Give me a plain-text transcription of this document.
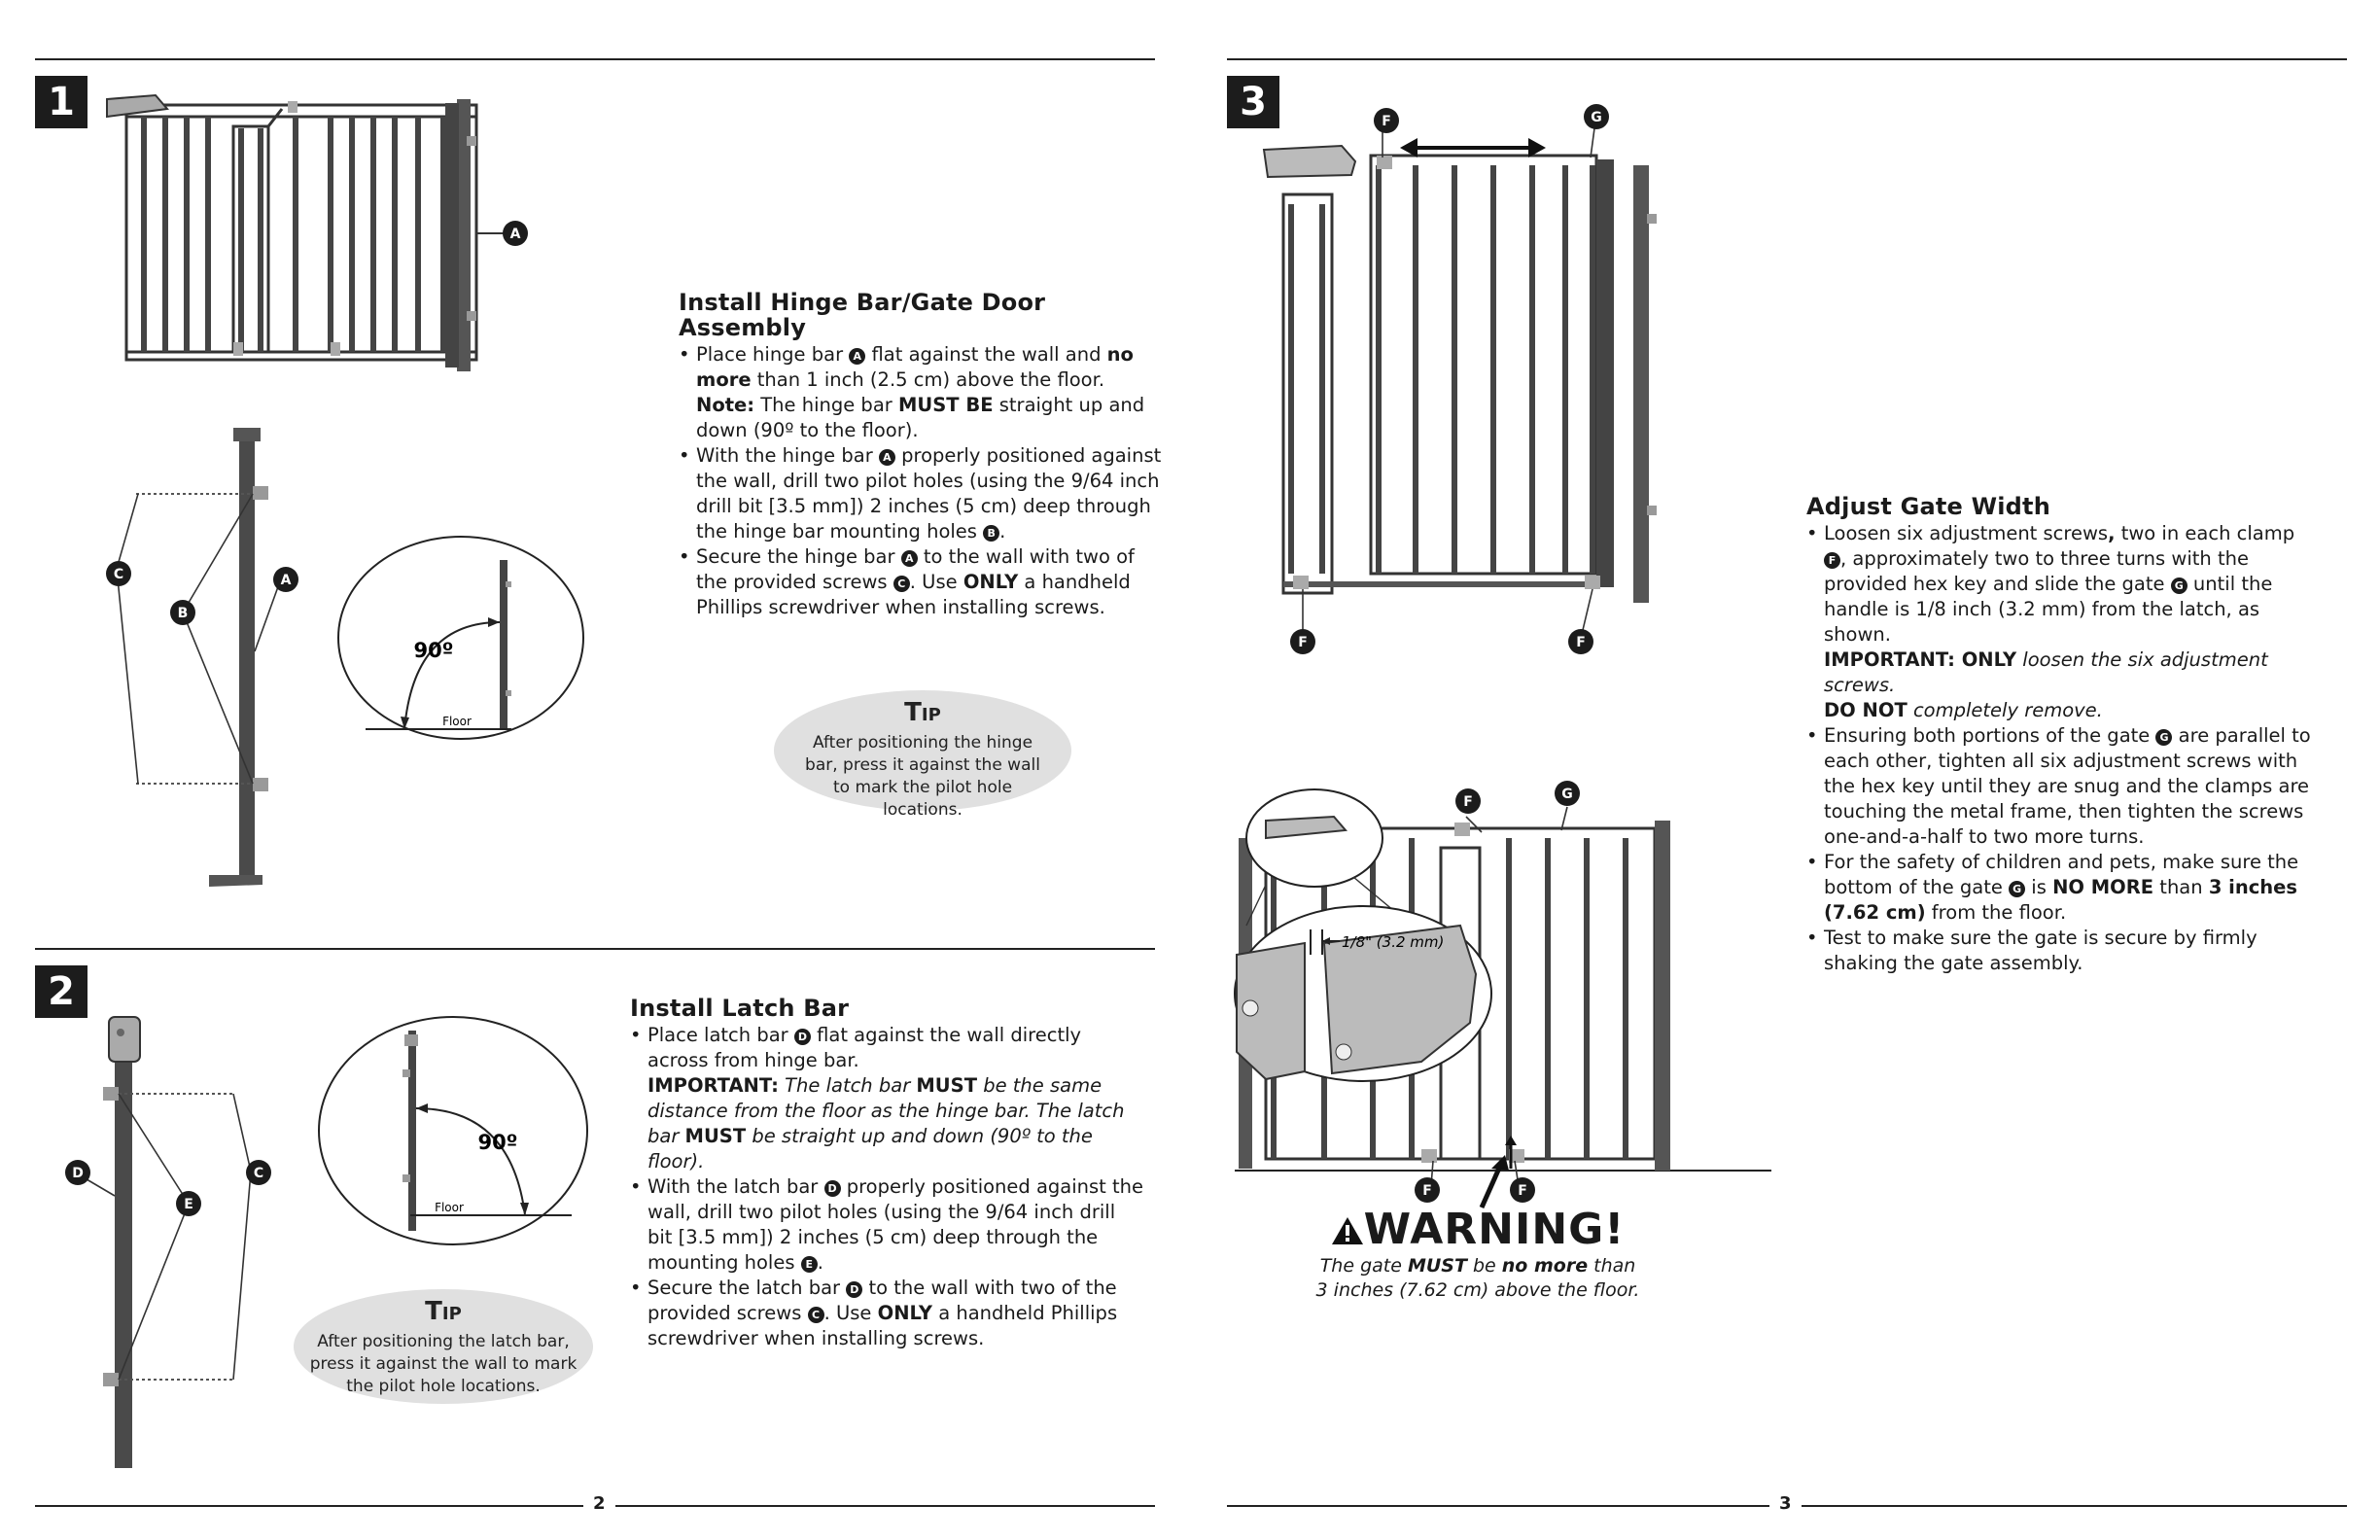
2	3
1
2
3
A
C
B
A
90º
Floor
Install Hinge Bar/Gate Door Assembly
• Place hinge bar A flat against the wall and no more than 1 inch (2.5 cm) above the floor.
Note: The hinge bar MUST BE straight up and down (90º to the floor).
• With the hinge bar A properly positioned against the wall, drill two pilot holes (using the 9/64 inch drill bit [3.5 mm]) 2 inches (5 cm) deep through the hinge bar mounting holes B .
• Secure the hinge bar A to the wall with two of the provided screws C . Use ONLY a handheld Phillips screwdriver when installing screws.
TIP
After positioning the hinge bar, press it against the wall to mark the pilot hole locations.
D
E
C
90º
Floor
Install Latch Bar
• Place latch bar D flat against the wall directly across from hinge bar.
IMPORTANT: The latch bar MUST be the same distance from the floor as the hinge bar. The latch bar MUST be straight up and down (90º to the floor).
• With the latch bar D properly positioned against the wall, drill two pilot holes (using the 9/64 inch drill bit [3.5 mm]) 2 inches (5 cm) deep through the mounting holes E .
• Secure the latch bar D to the wall with two of the provided screws C . Use ONLY a handheld Phillips screwdriver when installing screws.
TIP
After positioning the latch bar, press it against the wall to mark the pilot hole locations.
F	G
F	F
1/8" (3.2 mm)
F	G
F	F
WARNING!
The gate MUST be no more than
3 inches (7.62 cm) above the floor.
Adjust Gate Width
• Loosen six adjustment screws, two in each clamp F , approximately two to three turns with the provided hex key and slide the gate G until the handle is 1/8 inch (3.2 mm) from the latch, as shown.
IMPORTANT: ONLY loosen the six adjustment screws.
DO NOT completely remove.
• Ensuring both portions of the gate G are parallel to each other, tighten all six adjustment screws with the hex key until they are snug and the clamps are touching the metal frame, then tighten the screws one-and-a-half to two more turns.
• For the safety of children and pets, make sure the bottom of the gate G is NO MORE than 3 inches (7.62 cm) from the floor.
• Test to make sure the gate is secure by firmly shaking the gate assembly.
